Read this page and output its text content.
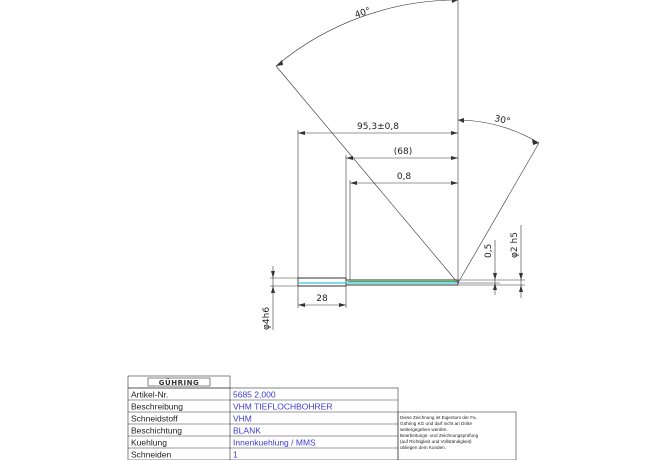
40°
30°
95,3±0,8
(68)
0,8
28
φ4h6
0,5 φ2 h5
GÜHRING
Artikel-Nr.	5685 2,000
Beschreibung	VHM TIEFLOCHBOHRER
Schneidstoff	VHM
Beschichtung	BLANK
Kuehlung	Innenkuehlung / MMS
Schneiden	1
Diese Zeichnung ist Eigentum der Fa.
Gühring KG und darf nicht an Dritte
weitergegeben werden.
Bearbeitungs- und Zeichnungsprüfung
(auf Richtigkeit und Vollständigkeit)
obliegen dem Kunden.
